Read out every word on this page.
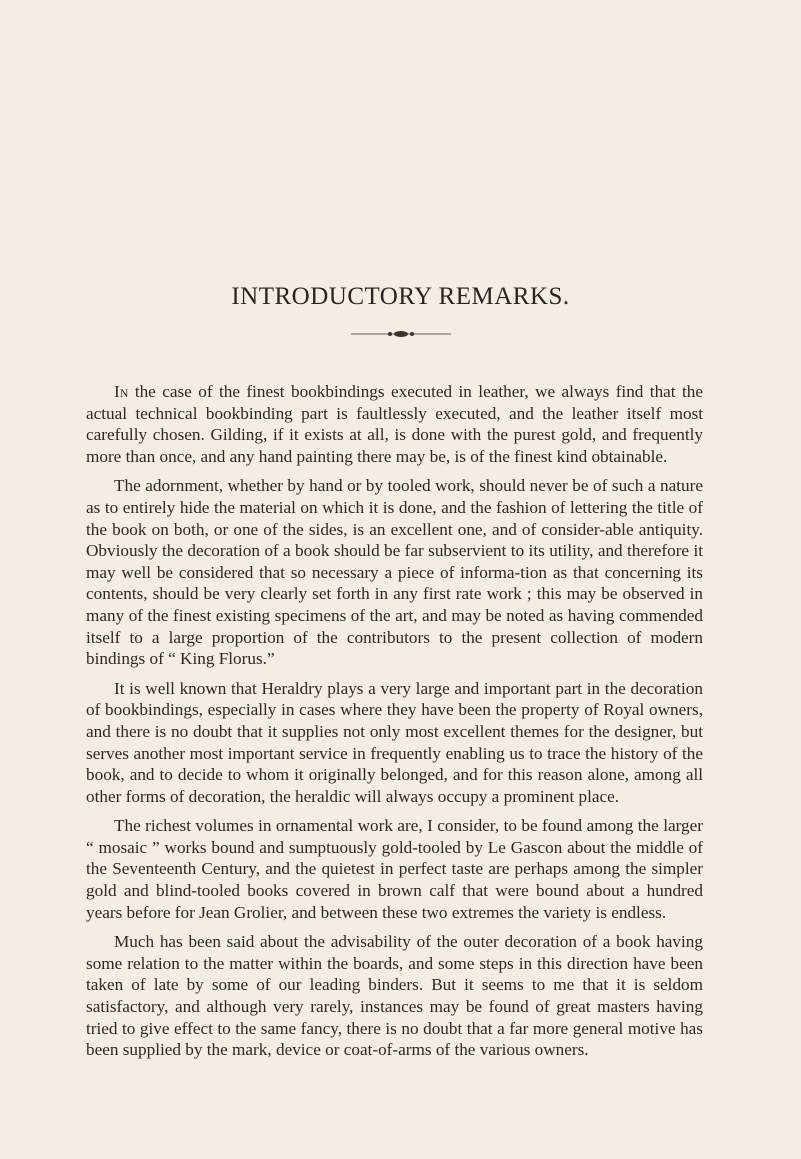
INTRODUCTORY REMARKS.

In the case of the finest bookbindings executed in leather, we always find that the actual technical bookbinding part is faultlessly executed, and the leather itself most carefully chosen. Gilding, if it exists at all, is done with the purest gold, and frequently more than once, and any hand painting there may be, is of the finest kind obtainable.

The adornment, whether by hand or by tooled work, should never be of such a nature as to entirely hide the material on which it is done, and the fashion of lettering the title of the book on both, or one of the sides, is an excellent one, and of consider-able antiquity. Obviously the decoration of a book should be far subservient to its utility, and therefore it may well be considered that so necessary a piece of informa-tion as that concerning its contents, should be very clearly set forth in any first rate work ; this may be observed in many of the finest existing specimens of the art, and may be noted as having commended itself to a large proportion of the contributors to the present collection of modern bindings of “ King Florus.”

It is well known that Heraldry plays a very large and important part in the decoration of bookbindings, especially in cases where they have been the property of Royal owners, and there is no doubt that it supplies not only most excellent themes for the designer, but serves another most important service in frequently enabling us to trace the history of the book, and to decide to whom it originally belonged, and for this reason alone, among all other forms of decoration, the heraldic will always occupy a prominent place.

The richest volumes in ornamental work are, I consider, to be found among the larger “ mosaic ” works bound and sumptuously gold-tooled by Le Gascon about the middle of the Seventeenth Century, and the quietest in perfect taste are perhaps among the simpler gold and blind-tooled books covered in brown calf that were bound about a hundred years before for Jean Grolier, and between these two extremes the variety is endless.

Much has been said about the advisability of the outer decoration of a book having some relation to the matter within the boards, and some steps in this direction have been taken of late by some of our leading binders. But it seems to me that it is seldom satisfactory, and although very rarely, instances may be found of great masters having tried to give effect to the same fancy, there is no doubt that a far more general motive has been supplied by the mark, device or coat-of-arms of the various owners.
